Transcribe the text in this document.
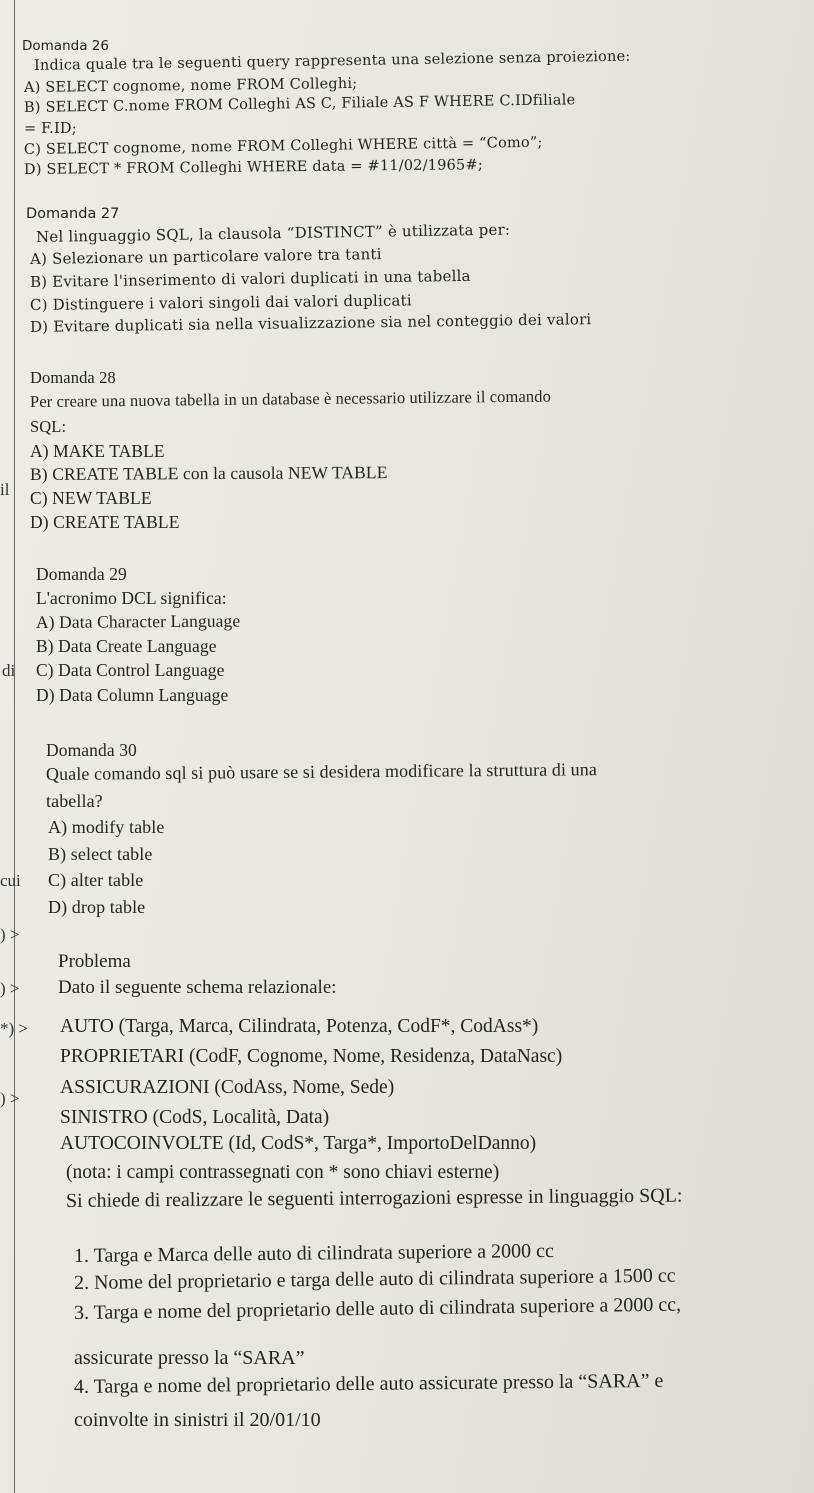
il

di

cui

) >

) >

*) >

) >

Domanda 26

Indica quale tra le seguenti query rappresenta una selezione senza proiezione:

A) SELECT cognome, nome FROM Colleghi;

B) SELECT C.nome FROM Colleghi AS C, Filiale AS F WHERE C.IDfiliale

= F.ID;

C) SELECT cognome, nome FROM Colleghi WHERE città = “Como”;

D) SELECT * FROM Colleghi WHERE data = #11/02/1965#;

Domanda 27

Nel linguaggio SQL, la clausola “DISTINCT” è utilizzata per:

A) Selezionare un particolare valore tra tanti

B) Evitare l'inserimento di valori duplicati in una tabella

C) Distinguere i valori singoli dai valori duplicati

D) Evitare duplicati sia nella visualizzazione sia nel conteggio dei valori

Domanda 28

Per creare una nuova tabella in un database è necessario utilizzare il comando

SQL:

A) MAKE TABLE

B) CREATE TABLE con la causola NEW TABLE

C) NEW TABLE

D) CREATE TABLE

Domanda 29

L'acronimo DCL significa:

A) Data Character Language

B) Data Create Language

C) Data Control Language

D) Data Column Language

Domanda 30

Quale comando sql si può usare se si desidera modificare la struttura di una

tabella?

A) modify table

B) select table

C) alter table

D) drop table

Problema

Dato il seguente schema relazionale:

AUTO (Targa, Marca, Cilindrata, Potenza, CodF*, CodAss*)

PROPRIETARI (CodF, Cognome, Nome, Residenza, DataNasc)

ASSICURAZIONI (CodAss, Nome, Sede)

SINISTRO (CodS, Località, Data)

AUTOCOINVOLTE (Id, CodS*, Targa*, ImportoDelDanno)

(nota: i campi contrassegnati con * sono chiavi esterne)

Si chiede di realizzare le seguenti interrogazioni espresse in linguaggio SQL:

1. Targa e Marca delle auto di cilindrata superiore a 2000 cc

2. Nome del proprietario e targa delle auto di cilindrata superiore a 1500 cc

3. Targa e nome del proprietario delle auto di cilindrata superiore a 2000 cc,

assicurate presso la “SARA”

4. Targa e nome del proprietario delle auto assicurate presso la “SARA” e

coinvolte in sinistri il 20/01/10
